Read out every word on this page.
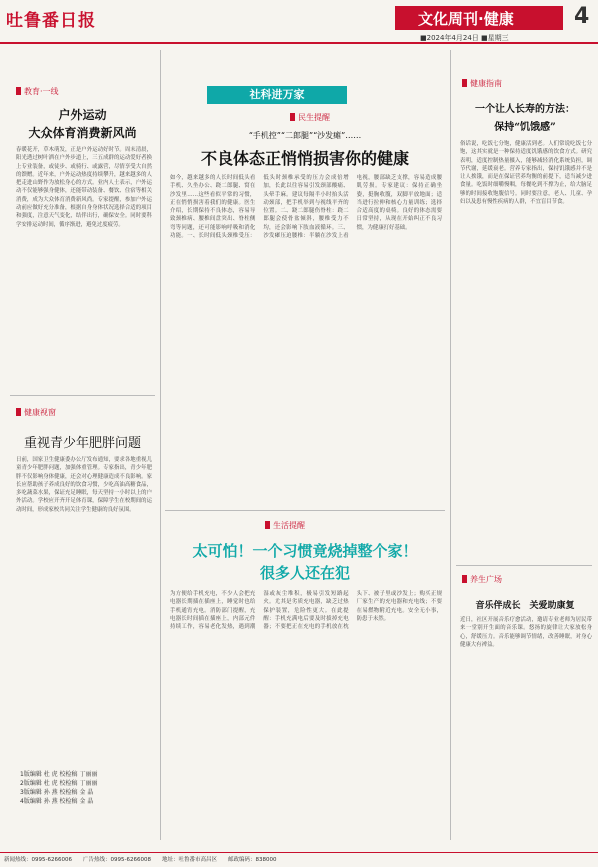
吐鲁番日报	文化周刊·健康	4
■2024年4月24日 ■星期三
教育·一线
户外运动
大众体育消费新风尚
春暖花开，草木萌发，正是户外运动好时节。周末清晨，阳光透过树叶洒在户外步道上，三五成群的运动爱好者换上专业装备，或徒步、或骑行、或露营，尽情享受大自然的馈赠。近年来，户外运动热度持续攀升，越来越多的人把走进山野作为放松身心的方式。业内人士表示，户外运动不仅能够强身健体，还能带动装备、餐饮、住宿等相关消费，成为大众体育消费新风尚。专家提醒，参加户外运动前应做好充分准备，根据自身身体状况选择合适的项目和强度，注意天气变化，结伴出行，确保安全。同时要科学安排运动时间，循序渐进，避免过度疲劳。
健康视窗
重视青少年肥胖问题
日前，国家卫生健康委办公厅发布通知，要求各地重视儿童青少年肥胖问题，加强体重管理。专家指出，青少年肥胖不仅影响身体健康，还会对心理健康造成不良影响。家长应帮助孩子养成良好的饮食习惯，少吃高油高糖食品，多吃蔬菜水果，保证充足睡眠，每天坚持一小时以上的户外活动。学校应开齐开足体育课，保障学生在校期间的运动时间，形成家校共同关注学生健康的良好氛围。
1版编辑 杜 虎 校检稿 丁丽丽
2版编辑 杜 虎 校检稿 丁丽丽
3版编辑 孙 燕 校检稿 金 晶
4版编辑 孙 燕 校检稿 金 晶
社科进万家
民生提醒
“手机控”“二郎腿”“沙发瘫”……
不良体态正悄悄损害你的健康
如今，越来越多的人长时间低头看手机、久坐办公、跷二郎腿、窝在沙发里……这些看似平常的习惯，正在悄悄损害着我们的健康。医生介绍，长期保持不良体态，容易导致颈椎病、腰椎间盘突出、脊柱侧弯等问题，还可能影响呼吸和消化功能。一、长时间低头颈椎受压：低头时颈椎承受的压力会成倍增加，长此以往容易引发颈部酸痛、头晕手麻。建议每隔半小时抬头活动颈部，把手机举到与视线平齐的位置。二、跷二郎腿伤脊柱：跷二郎腿会使骨盆倾斜，腰椎受力不均，还会影响下肢血液循环。三、沙发瘫压迫腰椎：半躺在沙发上看电视，腰部缺乏支撑，容易造成腰肌劳损。专家建议：保持正确坐姿，挺胸收腹，双脚平放地面；适当进行拉伸和核心力量训练；选择合适高度的桌椅。良好的体态需要日常坚持，从现在开始纠正不良习惯，为健康打好基础。
生活提醒
太可怕！一个习惯竟烧掉整个家！
很多人还在犯
为方便给手机充电，不少人会把充电器长期插在插座上，睡觉时也给手机通宵充电。消防部门提醒，充电器长时间插在插座上，内部元件持续工作，容易老化发热，遇到潮湿或灰尘堆积，极易引发短路起火。尤其是劣质充电器，缺乏过热保护装置，危险性更大。在此提醒：手机充满电后要及时拔掉充电器；不要把正在充电的手机放在枕头下、被子里或沙发上；购买正规厂家生产的充电器和充电线；不要在易燃物附近充电。安全无小事，防患于未然。
健康指南
一个让人长寿的方法：
保持“饥饿感”
俗话说，吃饭七分饱，健康活到老。人们常说吃饭七分饱，这其实就是一种保持适度饥饿感的饮食方式。研究表明，适度控制热量摄入，能够减轻消化系统负担，调节代谢，延缓衰老。营养专家指出，保持饥饿感并不是让人挨饿，而是在保证营养均衡的前提下，适当减少进食量。吃饭时细嚼慢咽，每餐吃到不撑为止，给大脑足够的时间接收饱腹信号。同时要注意，老人、儿童、孕妇以及患有慢性疾病的人群，不宜盲目节食。
养生广场
音乐伴成长　关爱助康复
近日，社区开展音乐疗愈活动，邀请专业老师为居民带来一堂别开生面的音乐课。悠扬的旋律让大家放松身心，舒缓压力。音乐能够调节情绪，改善睡眠，对身心健康大有裨益。
新闻热线：0995-6266006　　广告热线：0995-6266008　　地址：吐鲁番市高昌区　　邮政编码：838000
